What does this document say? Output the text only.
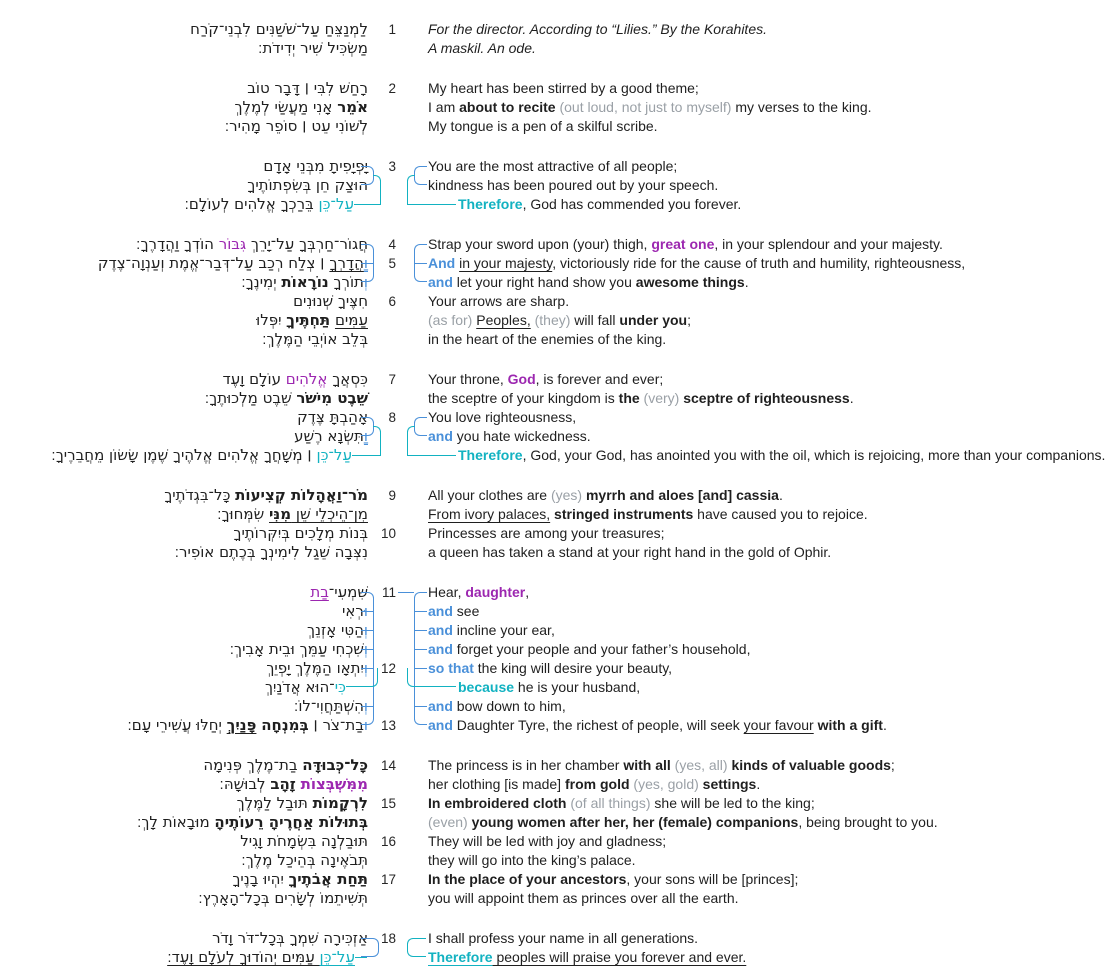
לַמְנַצֵּחַ עַל־שֹׁשַׁנִּים לִבְנֵי־קֹרַח	1 For the director. According to “Lilies.” By the Korahites.
מַשְׂכִּיל שִׁיר יְדִידֹת׃	A maskil. An ode.
רָחַשׁ לִבִּי ׀ דָּבָר טוֹב	2 My heart has been stirred by a good theme;
אֹמֵר אָנִי מַעֲשַׂי לְמֶלֶךְ	I am about to recite (out loud, not just to myself) my verses to the king.
לְשׁוֹנִי עֵט ׀ סוֹפֵר מָהִיר׃	My tongue is a pen of a skilful scribe.
יָפְיָפִיתָ מִבְּנֵי אָדָם	3 You are the most attractive of all people;
הוּצַק חֵן בְּשִׂפְתוֹתֶיךָ	kindness has been poured out by your speech.
עַל־כֵּן בֵּרַכְךָ אֱלֹהִים לְעוֹלָם׃	Therefore, God has commended you forever.
חֲגוֹר־חַרְבְּךָ עַל־יָרֵךְ גִּבּוֹר הוֹדְךָ וַהֲדָרֶךָ׃	4 Strap your sword upon (your) thigh, great one, in your splendour and your majesty.
וַהֲדָרְךָ ׀ צְלַח רְכַב עַל־דְּבַר־אֱמֶת וְעַנְוָה־צֶדֶק	5 And in your majesty, victoriously ride for the cause of truth and humility, righteousness,
וְתוֹרְךָ נוֹרָאוֹת יְמִינֶךָ׃	and let your right hand show you awesome things.
חִצֶּיךָ שְׁנוּנִים	6 Your arrows are sharp.
עַמִּים תַּחְתֶּיךָ יִפְּלוּ	(as for) Peoples, (they) will fall under you;
בְּלֵב אוֹיְבֵי הַמֶּלֶךְ׃	in the heart of the enemies of the king.
כִּסְאֲךָ אֱלֹהִים עוֹלָם וָעֶד	7 Your throne, God, is forever and ever;
שֵׁבֶט מִישֹׁר שֵׁבֶט מַלְכוּתֶךָ׃	the sceptre of your kingdom is the (very) sceptre of righteousness.
אָהַבְתָּ צֶּדֶק	8 You love righteousness,
וַתִּשְׂנָא רֶשַׁע	and you hate wickedness.
עַל־כֵּן ׀ מְשָׁחֲךָ אֱלֹהִים אֱלֹהֶיךָ שֶׁמֶן שָׂשׂוֹן מֵחֲבֵרֶיךָ׃	Therefore, God, your God, has anointed you with the oil, which is rejoicing, more than your companions.
מֹר־וַאֲהָלוֹת קְצִיעוֹת כָּל־בִּגְדֹתֶיךָ	9 All your clothes are (yes) myrrh and aloes [and] cassia.
מִן־הֵיכְלֵי שֵׁן מִנִּי שִׂמְּחוּךָ׃	From ivory palaces, stringed instruments have caused you to rejoice.
בְּנוֹת מְלָכִים בְּיִקְּרוֹתֶיךָ 10 Princesses are among your treasures;
נִצְּבָה שֵׁגַל לִימִינְךָ בְּכֶתֶם אוֹפִיר׃	a queen has taken a stand at your right hand in the gold of Ophir.
שִׁמְעִי־בַת	11 Hear, daughter,
וּרְאִי	and see
וְהַטִּי אָזְנֵךְ	and incline your ear,
וְשִׁכְחִי עַמֵּךְ וּבֵית אָבִיךְ׃	and forget your people and your father’s household,
וְיִתְאָו הַמֶּלֶךְ יָפְיֵךְ	12 so that the king will desire your beauty,
כִּי־הוּא אֲדֹנַיִךְ	because he is your husband,
וְהִשְׁתַּחֲוִי־לוֹ׃	and bow down to him,
וּבַת־צֹר ׀ בְּמִנְחָה פָּנַיִךְ יְחַלּוּ עֲשִׁירֵי עָם׃	13 and Daughter Tyre, the richest of people, will seek your favour with a gift.
כָּל־כְּבוּדָּה בַת־מֶלֶךְ פְּנִימָה	14 The princess is in her chamber with all (yes, all) kinds of valuable goods;
מִמִּשְׁבְּצוֹת זָהָב לְבוּשָׁהּ׃	her clothing [is made] from gold (yes, gold) settings.
לִרְקָמוֹת תּוּבַל לַמֶּלֶךְ	15 In embroidered cloth (of all things) she will be led to the king;
בְּתוּלוֹת אַחֲרֶיהָ רֵעוֹתֶיהָ מוּבָאוֹת לָךְ׃	(even) young women after her, her (female) companions, being brought to you.
תּוּבַלְנָה בִּשְׂמָחֹת וָגִיל 16 They will be led with joy and gladness;
תְּבֹאֶינָה בְּהֵיכַל מֶלֶךְ׃	they will go into the king’s palace.
תַּחַת אֲבֹתֶיךָ יִהְיוּ בָנֶיךָ	17 In the place of your ancestors, your sons will be [princes];
תְּשִׁיתֵמוֹ לְשָׂרִים בְּכָל־הָאָרֶץ׃	you will appoint them as princes over all the earth.
אַזְכִּירָה שִׁמְךָ בְּכָל־דֹּר וָדֹר 18 I shall profess your name in all generations.
עַל־כֵּן עַמִּים יְהוֹדוּךָ לְעֹלָם וָעֶד׃	Therefore peoples will praise you forever and ever.
